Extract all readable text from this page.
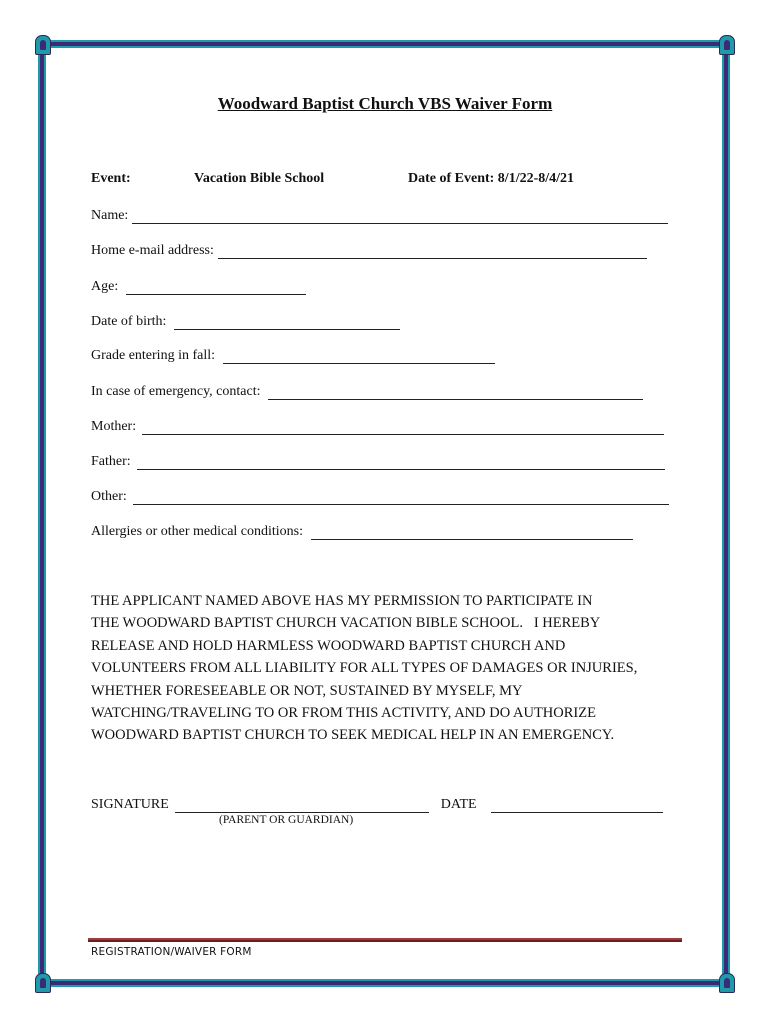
Woodward Baptist Church VBS Waiver Form
Event:	Vacation Bible School	Date of Event: 8/1/22-8/4/21
Name:
Home e-mail address:
Age:
Date of birth:
Grade entering in fall:
In case of emergency, contact:
Mother:
Father:
Other:
Allergies or other medical conditions:
THE APPLICANT NAMED ABOVE HAS MY PERMISSION TO PARTICIPATE IN
THE WOODWARD BAPTIST CHURCH VACATION BIBLE SCHOOL.   I HEREBY
RELEASE AND HOLD HARMLESS WOODWARD BAPTIST CHURCH AND
VOLUNTEERS FROM ALL LIABILITY FOR ALL TYPES OF DAMAGES OR INJURIES,
WHETHER FORESEEABLE OR NOT, SUSTAINED BY MYSELF, MY
WATCHING/TRAVELING TO OR FROM THIS ACTIVITY, AND DO AUTHORIZE
WOODWARD BAPTIST CHURCH TO SEEK MEDICAL HELP IN AN EMERGENCY.
SIGNATURE	DATE
(PARENT OR GUARDIAN)
REGISTRATION/WAIVER FORM
